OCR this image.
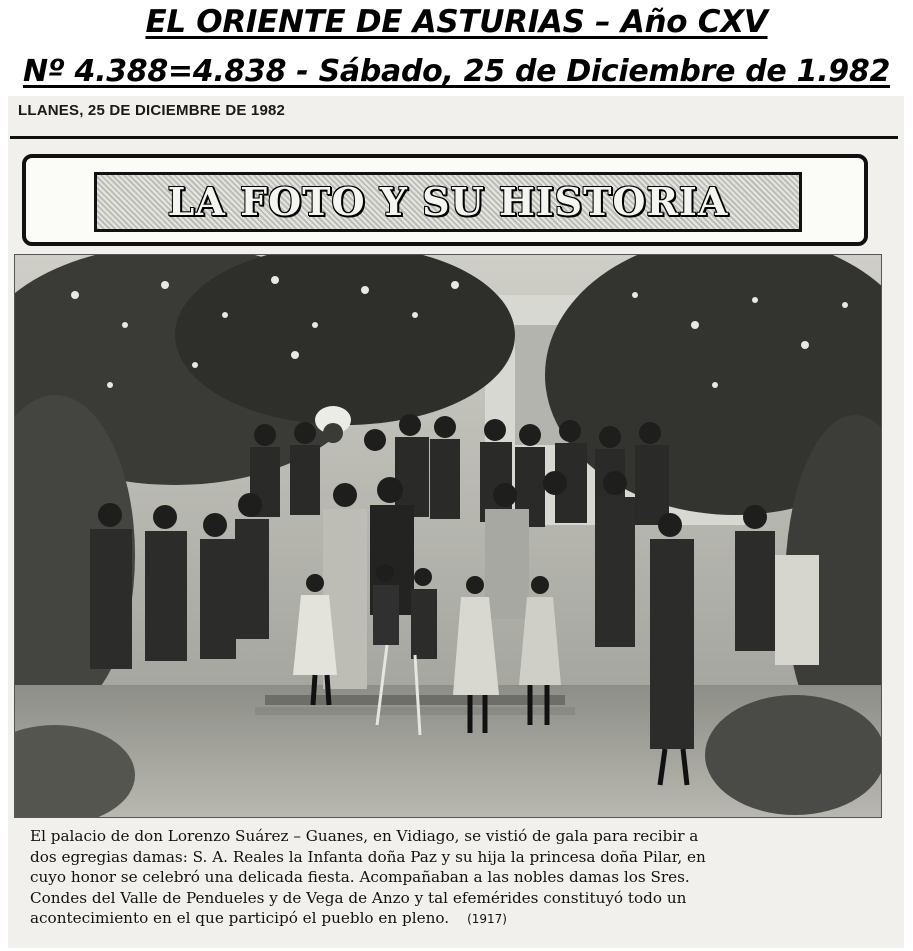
EL ORIENTE DE ASTURIAS – Año CXV
Nº 4.388=4.838 - Sábado, 25 de Diciembre de 1.982
LLANES, 25 DE DICIEMBRE DE 1982
LA FOTO Y SU HISTORIA

El palacio de don Lorenzo Suárez – Guanes, en Vidiago, se vistió de gala para recibir a

dos egregias damas: S. A. Reales la Infanta doña Paz y su hija la princesa doña Pilar, en

cuyo honor se celebró una delicada fiesta. Acompañaban a las nobles damas los Sres.

Condes del Valle de Pendueles y de Vega de Anzo y tal efemérides constituyó todo un

acontecimiento en el que participó el pueblo en pleno. (1917)
